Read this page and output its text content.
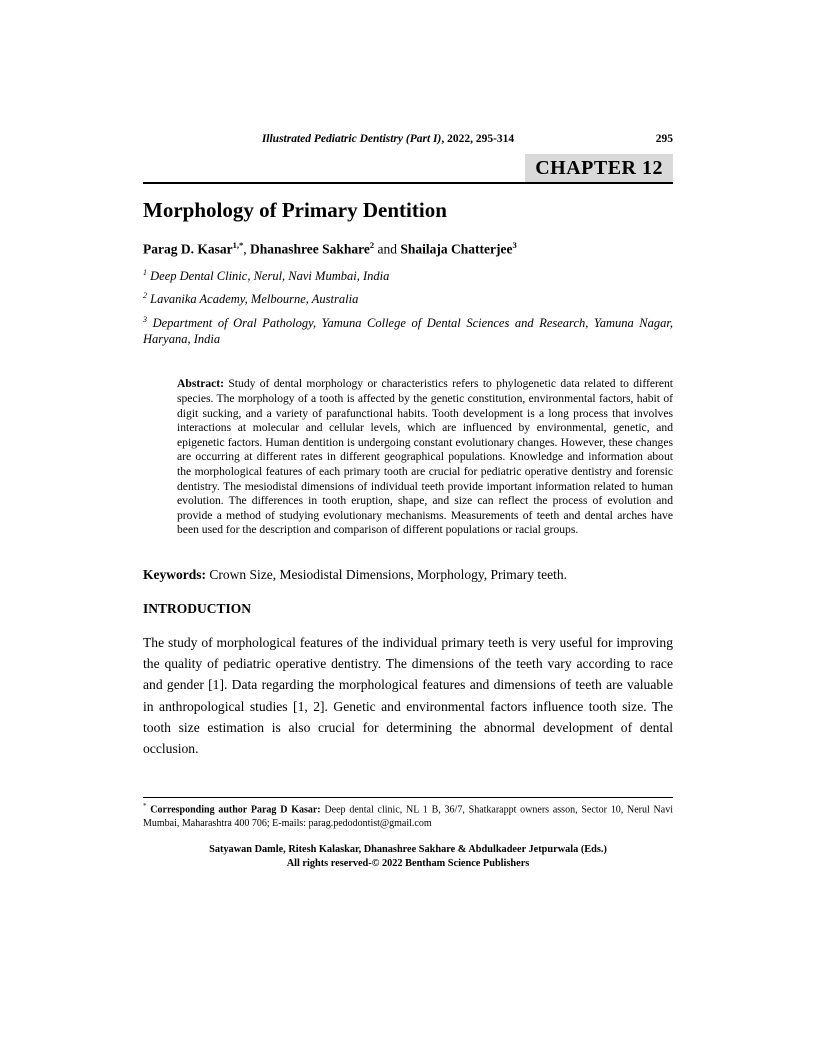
Illustrated Pediatric Dentistry (Part I), 2022, 295-314	295
CHAPTER 12
Morphology of Primary Dentition
Parag D. Kasar$^{1,*}$, Dhanashree Sakhare$^2$ and Shailaja Chatterjee$^3$

$^1$ Deep Dental Clinic, Nerul, Navi Mumbai, India

$^2$ Lavanika Academy, Melbourne, Australia

$^3$ Department of Oral Pathology, Yamuna College of Dental Sciences and Research, Yamuna Nagar, Haryana, India

Abstract: Study of dental morphology or characteristics refers to phylogenetic data related to different species. The morphology of a tooth is affected by the genetic constitution, environmental factors, habit of digit sucking, and a variety of parafunctional habits. Tooth development is a long process that involves interactions at molecular and cellular levels, which are influenced by environmental, genetic, and epigenetic factors. Human dentition is undergoing constant evolutionary changes. However, these changes are occurring at different rates in different geographical populations. Knowledge and information about the morphological features of each primary tooth are crucial for pediatric operative dentistry and forensic dentistry. The mesiodistal dimensions of individual teeth provide important information related to human evolution. The differences in tooth eruption, shape, and size can reflect the process of evolution and provide a method of studying evolutionary mechanisms. Measurements of teeth and dental arches have been used for the description and comparison of different populations or racial groups.

Keywords: Crown Size, Mesiodistal Dimensions, Morphology, Primary teeth.

INTRODUCTION

The study of morphological features of the individual primary teeth is very useful for improving the quality of pediatric operative dentistry. The dimensions of the teeth vary according to race and gender [1]. Data regarding the morphological features and dimensions of teeth are valuable in anthropological studies [1, 2]. Genetic and environmental factors influence tooth size. The tooth size estimation is also crucial for determining the abnormal development of dental occlusion.

* Corresponding author Parag D Kasar: Deep dental clinic, NL 1 B, 36/7, Shatkarappt owners asson, Sector 10, Nerul Navi Mumbai, Maharashtra 400 706; E-mails: parag.pedodontist@gmail.com

Satyawan Damle, Ritesh Kalaskar, Dhanashree Sakhare & Abdulkadeer Jetpurwala (Eds.)
All rights reserved-© 2022 Bentham Science Publishers
